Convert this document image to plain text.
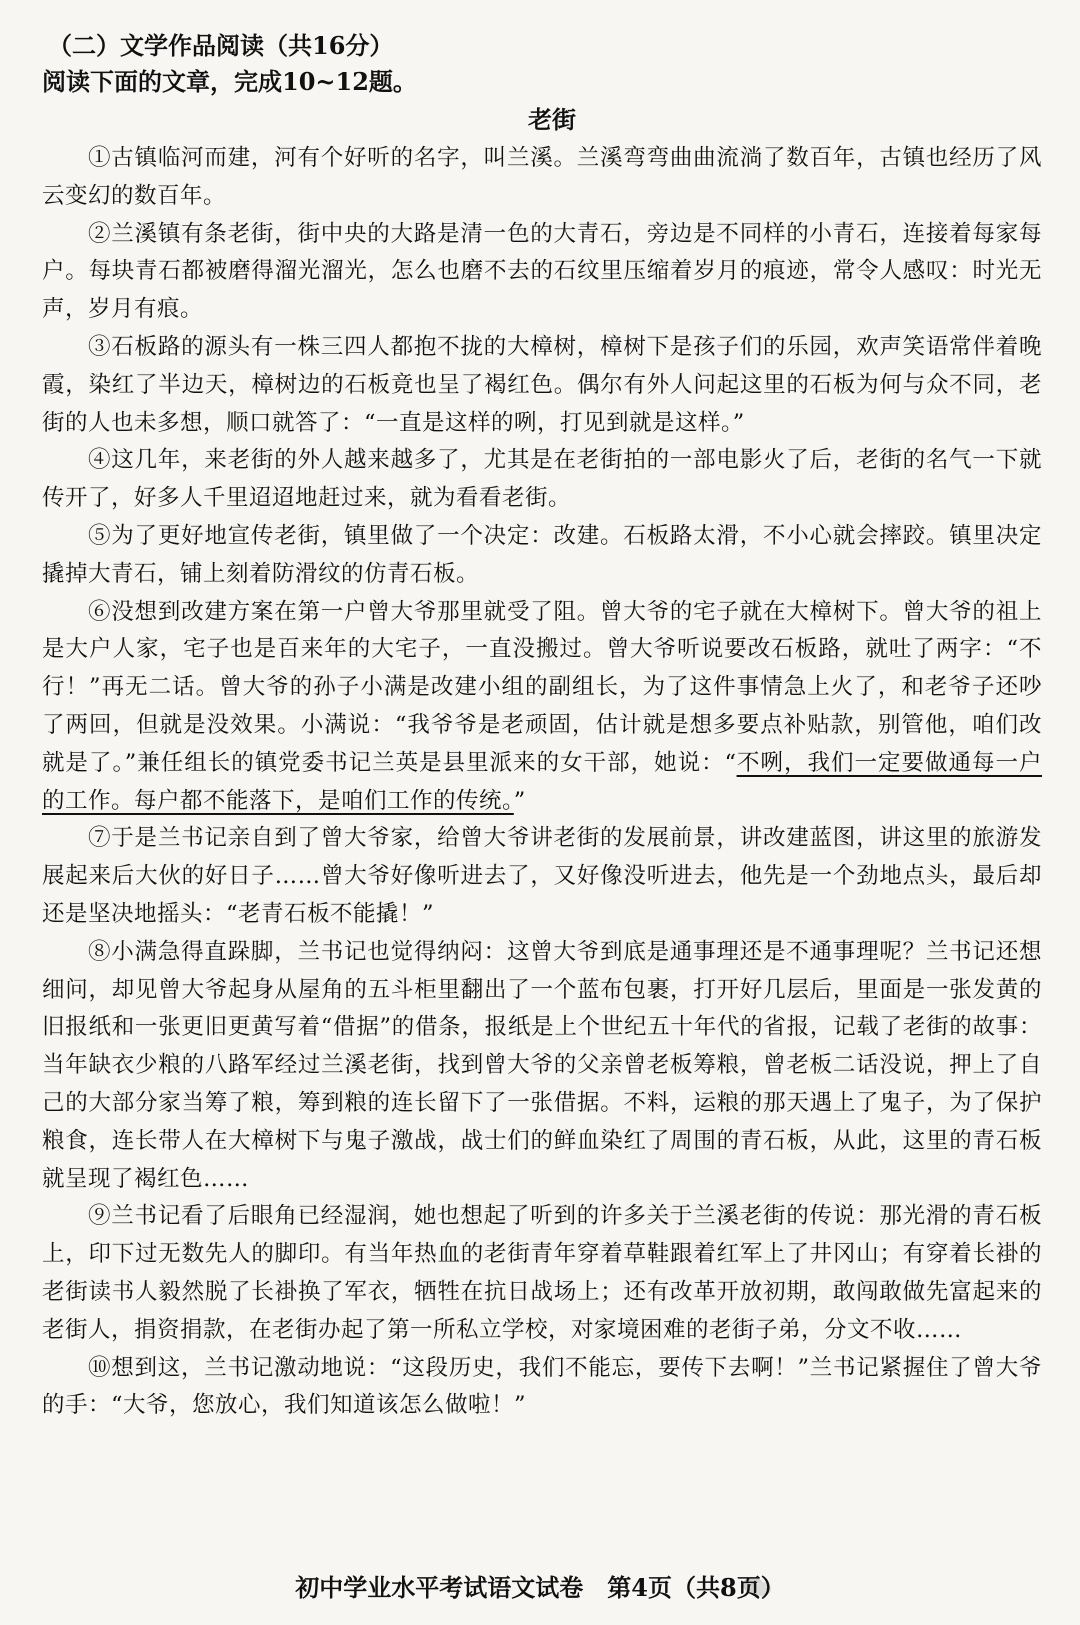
（二）文学作品阅读（共16分）

阅读下面的文章，完成10~12题。

老街

①古镇临河而建，河有个好听的名字，叫兰溪。兰溪弯弯曲曲流淌了数百年，古镇也经历了风云变幻的数百年。

②兰溪镇有条老街，街中央的大路是清一色的大青石，旁边是不同样的小青石，连接着每家每户。每块青石都被磨得溜光溜光，怎么也磨不去的石纹里压缩着岁月的痕迹，常令人感叹：时光无声，岁月有痕。

③石板路的源头有一株三四人都抱不拢的大樟树，樟树下是孩子们的乐园，欢声笑语常伴着晚霞，染红了半边天，樟树边的石板竟也呈了褐红色。偶尔有外人问起这里的石板为何与众不同，老街的人也未多想，顺口就答了：“一直是这样的咧，打见到就是这样。”

④这几年，来老街的外人越来越多了，尤其是在老街拍的一部电影火了后，老街的名气一下就传开了，好多人千里迢迢地赶过来，就为看看老街。

⑤为了更好地宣传老街，镇里做了一个决定：改建。石板路太滑，不小心就会摔跤。镇里决定撬掉大青石，铺上刻着防滑纹的仿青石板。

⑥没想到改建方案在第一户曾大爷那里就受了阻。曾大爷的宅子就在大樟树下。曾大爷的祖上是大户人家，宅子也是百来年的大宅子，一直没搬过。曾大爷听说要改石板路，就吐了两字：“不行！”再无二话。曾大爷的孙子小满是改建小组的副组长，为了这件事情急上火了，和老爷子还吵了两回，但就是没效果。小满说：“我爷爷是老顽固，估计就是想多要点补贴款，别管他，咱们改就是了。”兼任组长的镇党委书记兰英是县里派来的女干部，她说：“不咧，我们一定要做通每一户的工作。每户都不能落下，是咱们工作的传统。”

⑦于是兰书记亲自到了曾大爷家，给曾大爷讲老街的发展前景，讲改建蓝图，讲这里的旅游发展起来后大伙的好日子……曾大爷好像听进去了，又好像没听进去，他先是一个劲地点头，最后却还是坚决地摇头：“老青石板不能撬！”

⑧小满急得直跺脚，兰书记也觉得纳闷：这曾大爷到底是通事理还是不通事理呢？兰书记还想细问，却见曾大爷起身从屋角的五斗柜里翻出了一个蓝布包裹，打开好几层后，里面是一张发黄的旧报纸和一张更旧更黄写着“借据”的借条，报纸是上个世纪五十年代的省报，记载了老街的故事：当年缺衣少粮的八路军经过兰溪老街，找到曾大爷的父亲曾老板筹粮，曾老板二话没说，押上了自己的大部分家当筹了粮，筹到粮的连长留下了一张借据。不料，运粮的那天遇上了鬼子，为了保护粮食，连长带人在大樟树下与鬼子激战，战士们的鲜血染红了周围的青石板，从此，这里的青石板就呈现了褐红色……

⑨兰书记看了后眼角已经湿润，她也想起了听到的许多关于兰溪老街的传说：那光滑的青石板上，印下过无数先人的脚印。有当年热血的老街青年穿着草鞋跟着红军上了井冈山；有穿着长褂的老街读书人毅然脱了长褂换了军衣，牺牲在抗日战场上；还有改革开放初期，敢闯敢做先富起来的老街人，捐资捐款，在老街办起了第一所私立学校，对家境困难的老街子弟，分文不收……

⑩想到这，兰书记激动地说：“这段历史，我们不能忘，要传下去啊！”兰书记紧握住了曾大爷的手：“大爷，您放心，我们知道该怎么做啦！”

初中学业水平考试语文试卷　第4页（共8页）
